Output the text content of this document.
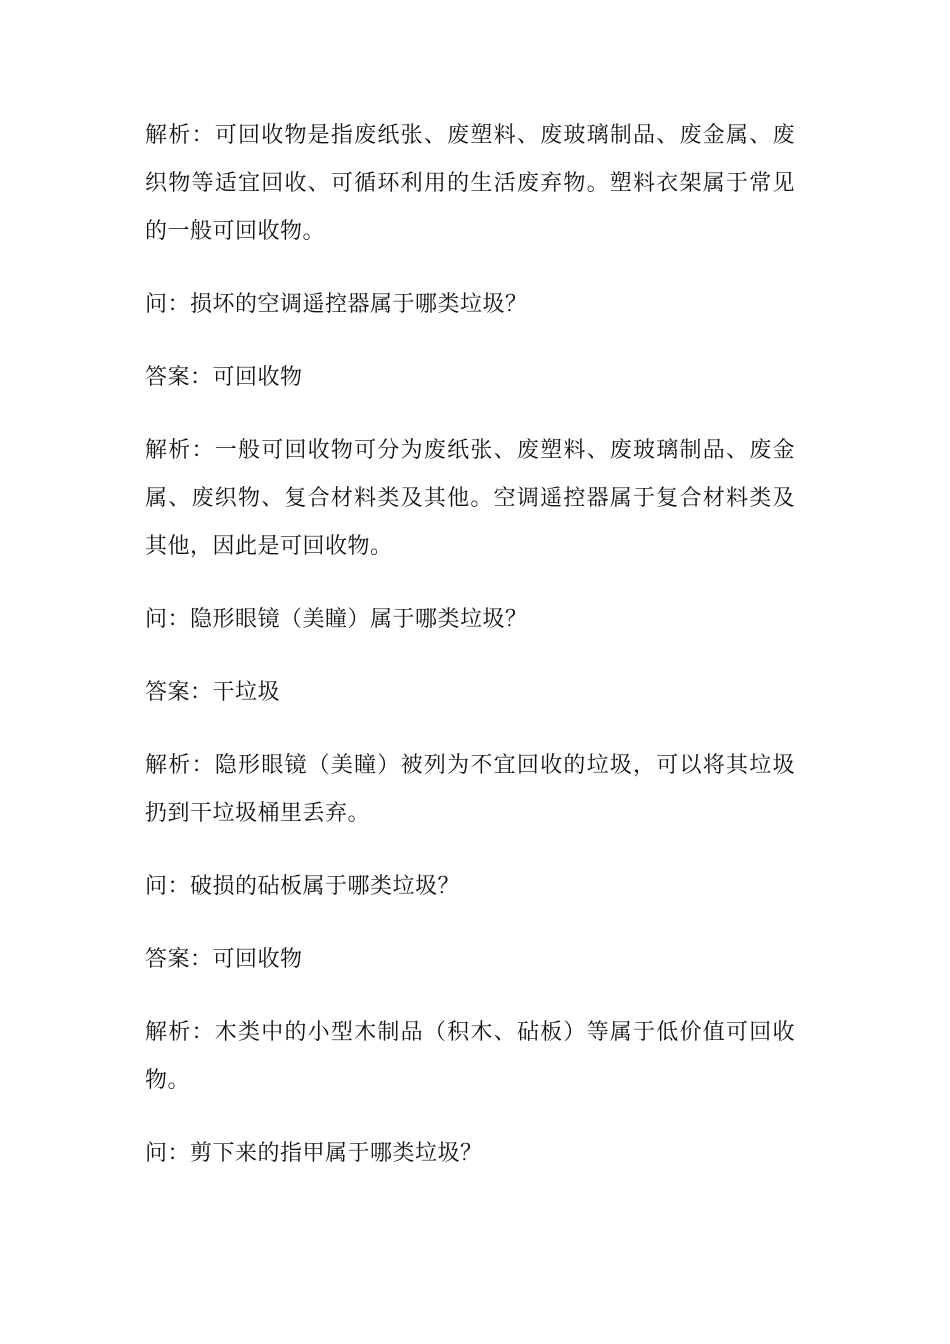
解析：可回收物是指废纸张、废塑料、废玻璃制品、废金属、废织物等适宜回收、可循环利用的生活废弃物。塑料衣架属于常见的一般可回收物。

问：损坏的空调遥控器属于哪类垃圾？

答案：可回收物

解析：一般可回收物可分为废纸张、废塑料、废玻璃制品、废金属、废织物、复合材料类及其他。空调遥控器属于复合材料类及其他，因此是可回收物。

问：隐形眼镜（美瞳）属于哪类垃圾？

答案：干垃圾

解析：隐形眼镜（美瞳）被列为不宜回收的垃圾，可以将其垃圾扔到干垃圾桶里丢弃。

问：破损的砧板属于哪类垃圾？

答案：可回收物

解析：木类中的小型木制品（积木、砧板）等属于低价值可回收物。

问：剪下来的指甲属于哪类垃圾？
